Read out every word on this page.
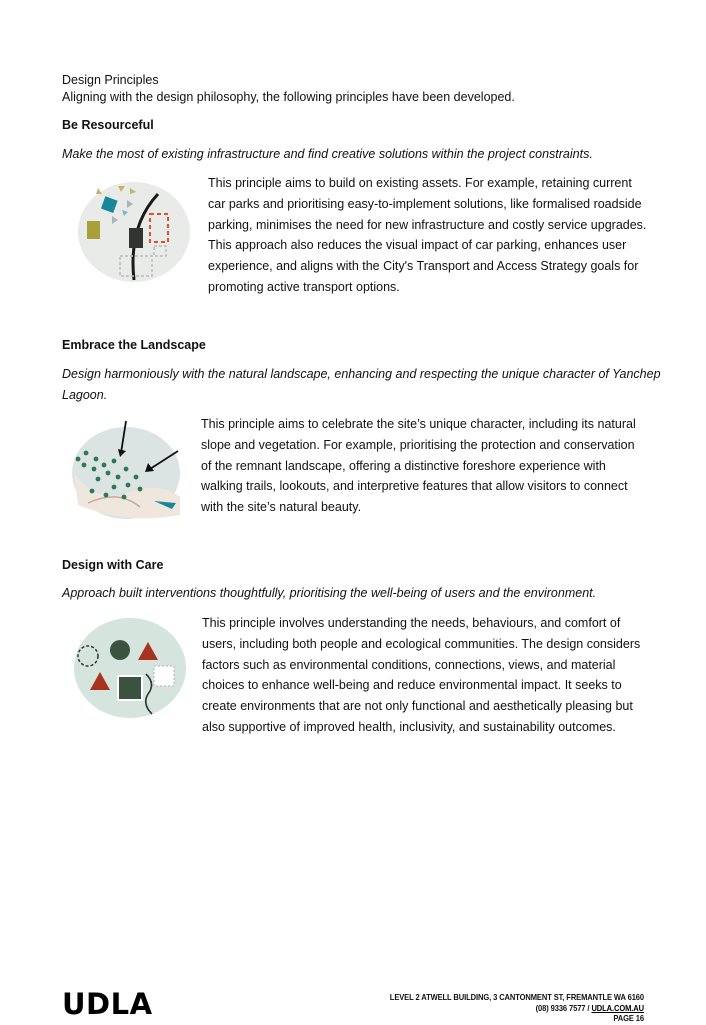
Design Principles
Aligning with the design philosophy, the following principles have been developed.
Be Resourceful
Make the most of existing infrastructure and find creative solutions within the project constraints.
This principle aims to build on existing assets. For example, retaining current car parks and prioritising easy-to-implement solutions, like formalised roadside parking, minimises the need for new infrastructure and costly service upgrades. This approach also reduces the visual impact of car parking, enhances user experience, and aligns with the City's Transport and Access Strategy goals for promoting active transport options.
Embrace the Landscape
Design harmoniously with the natural landscape, enhancing and respecting the unique character of Yanchep Lagoon.
This principle aims to celebrate the site’s unique character, including its natural slope and vegetation. For example, prioritising the protection and conservation of the remnant landscape, offering a distinctive foreshore experience with walking trails, lookouts, and interpretive features that allow visitors to connect with the site’s natural beauty.
Design with Care
Approach built interventions thoughtfully, prioritising the well-being of users and the environment.
This principle involves understanding the needs, behaviours, and comfort of users, including both people and ecological communities. The design considers factors such as environmental conditions, connections, views, and material choices to enhance well-being and reduce environmental impact. It seeks to create environments that are not only functional and aesthetically pleasing but also supportive of improved health, inclusivity, and sustainability outcomes.
UDLA	LEVEL 2 ATWELL BUILDING, 3 CANTONMENT ST, FREMANTLE WA 6160
(08) 9336 7577 / UDLA.COM.AU
PAGE 16
